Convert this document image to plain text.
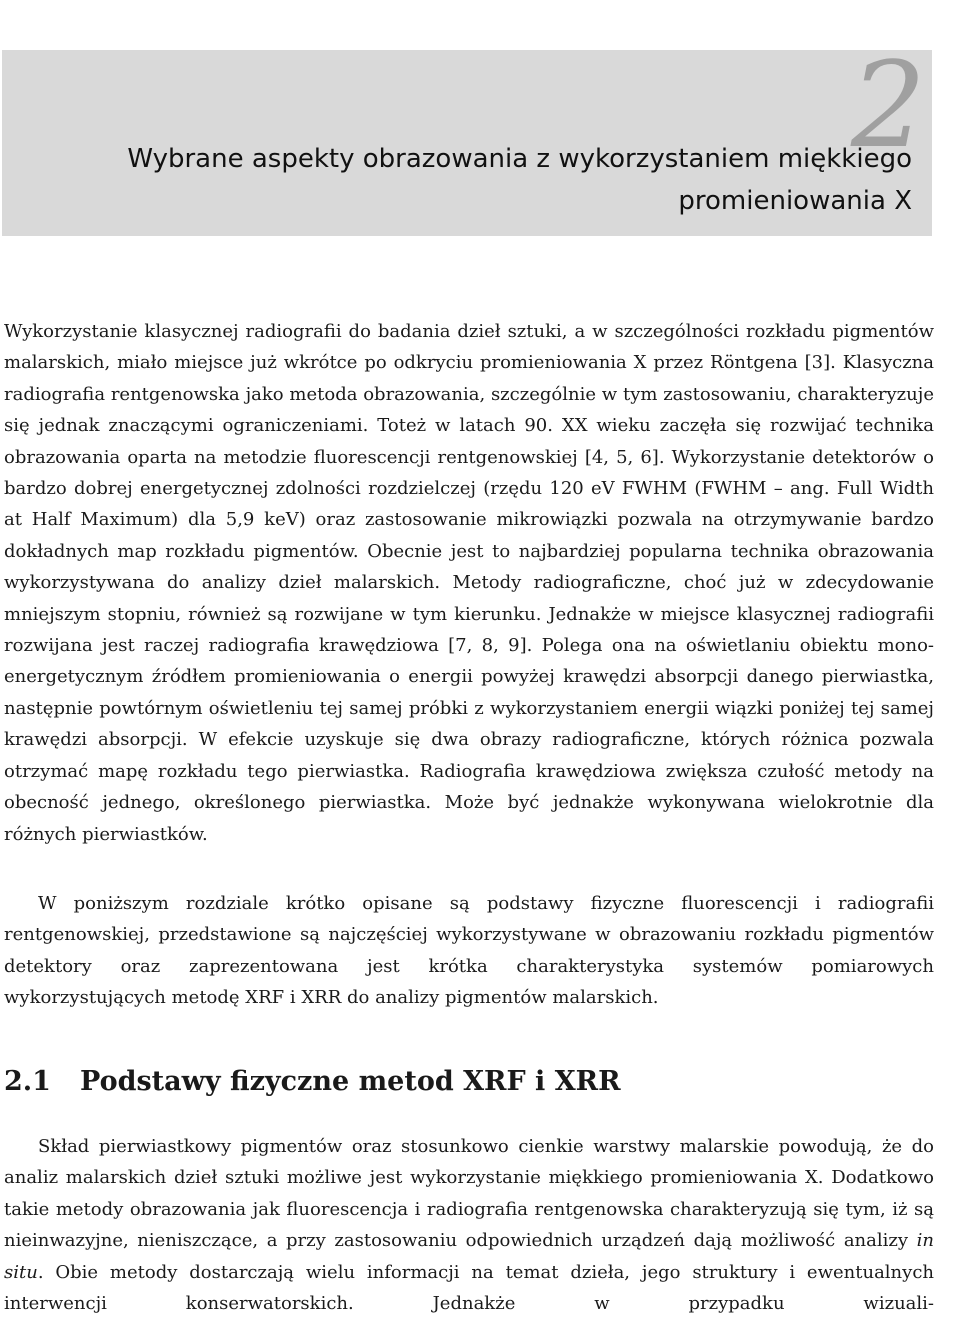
2
Wybrane aspekty obrazowania z wykorzystaniem miękkiego
promieniowania X

Wykorzystanie klasycznej radiografii do badania dzieł sztuki, a w szczególności rozkładu pigmentów malarskich, miało miejsce już wkrótce po odkryciu promieniowania X przez Röntgena [3]. Klasyczna radiografia rentgenowska jako metoda obrazowania, szczególnie w tym zastosowaniu, charakteryzuje się jednak znaczącymi ograniczeniami. Toteż w latach 90. XX wieku zaczęła się rozwijać technika obrazowania oparta na metodzie fluorescencji rentgenowskiej [4, 5, 6]. Wykorzystanie detektorów o bardzo dobrej energetycznej zdolności rozdzielczej (rzędu 120 eV FWHM (FWHM – ang. Full Width at Half Maximum) dla 5,9 keV) oraz zastosowanie mikrowiązki pozwala na otrzymywanie bardzo dokładnych map rozkładu pigmentów. Obecnie jest to najbardziej popularna technika obrazowania wykorzystywana do analizy dzieł malarskich. Metody radiograficzne, choć już w zdecydowanie mniejszym stopniu, również są rozwijane w tym kierunku. Jednakże w miejsce klasycznej radiografii rozwijana jest raczej radiografia krawędziowa [7, 8, 9]. Polega ona na oświetlaniu obiektu mono-energetycznym źródłem promieniowania o energii powyżej krawędzi absorpcji danego pierwiastka, następnie powtórnym oświetleniu tej samej próbki z wykorzystaniem energii wiązki poniżej tej samej krawędzi absorpcji. W efekcie uzyskuje się dwa obrazy radiograficzne, których różnica pozwala otrzymać mapę rozkładu tego pierwiastka. Radiografia krawędziowa zwiększa czułość metody na obecność jednego, określonego pierwiastka. Może być jednakże wykonywana wielokrotnie dla różnych pierwiastków.

W poniższym rozdziale krótko opisane są podstawy fizyczne fluorescencji i radiografii rentgenowskiej, przedstawione są najczęściej wykorzystywane w obrazowaniu rozkładu pigmentów detektory oraz zaprezentowana jest krótka charakterystyka systemów pomiarowych wykorzystujących metodę XRF i XRR do analizy pigmentów malarskich.

2.1 Podstawy fizyczne metod XRF i XRR

Skład pierwiastkowy pigmentów oraz stosunkowo cienkie warstwy malarskie powodują, że do analiz malarskich dzieł sztuki możliwe jest wykorzystanie miękkiego promieniowania X. Dodatkowo takie metody obrazowania jak fluorescencja i radiografia rentgenowska charakteryzują się tym, iż są nieinwazyjne, nieniszczące, a przy zastosowaniu odpowiednich urządzeń dają możliwość analizy in situ. Obie metody dostarczają wielu informacji na temat dzieła, jego struktury i ewentualnych interwencji konserwatorskich. Jednakże w przypadku wizuali-
